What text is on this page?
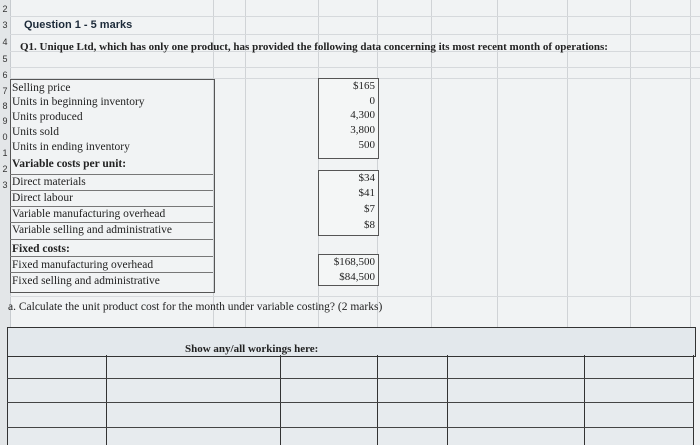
2
3
4
5
6
7
8
9
0
1
2
3
Question 1 - 5 marks
Q1. Unique Ltd, which has only one product, has provided the following data concerning its most recent month of operations:
Selling price
Units in beginning inventory
Units produced
Units sold
Units in ending inventory
Variable costs per unit:
Direct materials
Direct labour
Variable manufacturing overhead
Variable selling and administrative
Fixed costs:
Fixed manufacturing overhead
Fixed selling and administrative
$165
0
4,300
3,800
500
$34
$41
$7
$8
$168,500
$84,500
a. Calculate the unit product cost for the month under variable costing? (2 marks)
Show any/all workings here:
